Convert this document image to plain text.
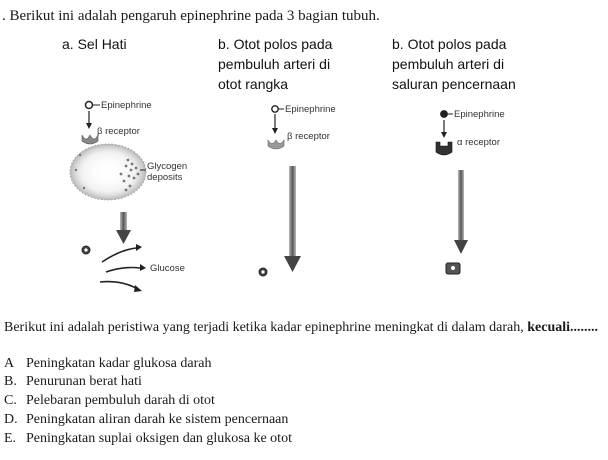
. Berikut ini adalah pengaruh epinephrine pada 3 bagian tubuh.
a. Sel Hati	b. Otot polos pada
pembuluh arteri di
otot rangka
b. Otot polos pada
pembuluh arteri di
saluran pencernaan
Epinephrine
β receptor
Glycogen
deposits
Glucose
Epinephrine
β receptor
Epinephrine
α receptor
Berikut ini adalah peristiwa yang terjadi ketika kadar epinephrine meningkat di dalam darah, kecuali........
A Peningkatan kadar glukosa darah
B. Penurunan berat hati
C. Pelebaran pembuluh darah di otot
D. Peningkatan aliran darah ke sistem pencernaan
E. Peningkatan suplai oksigen dan glukosa ke otot
